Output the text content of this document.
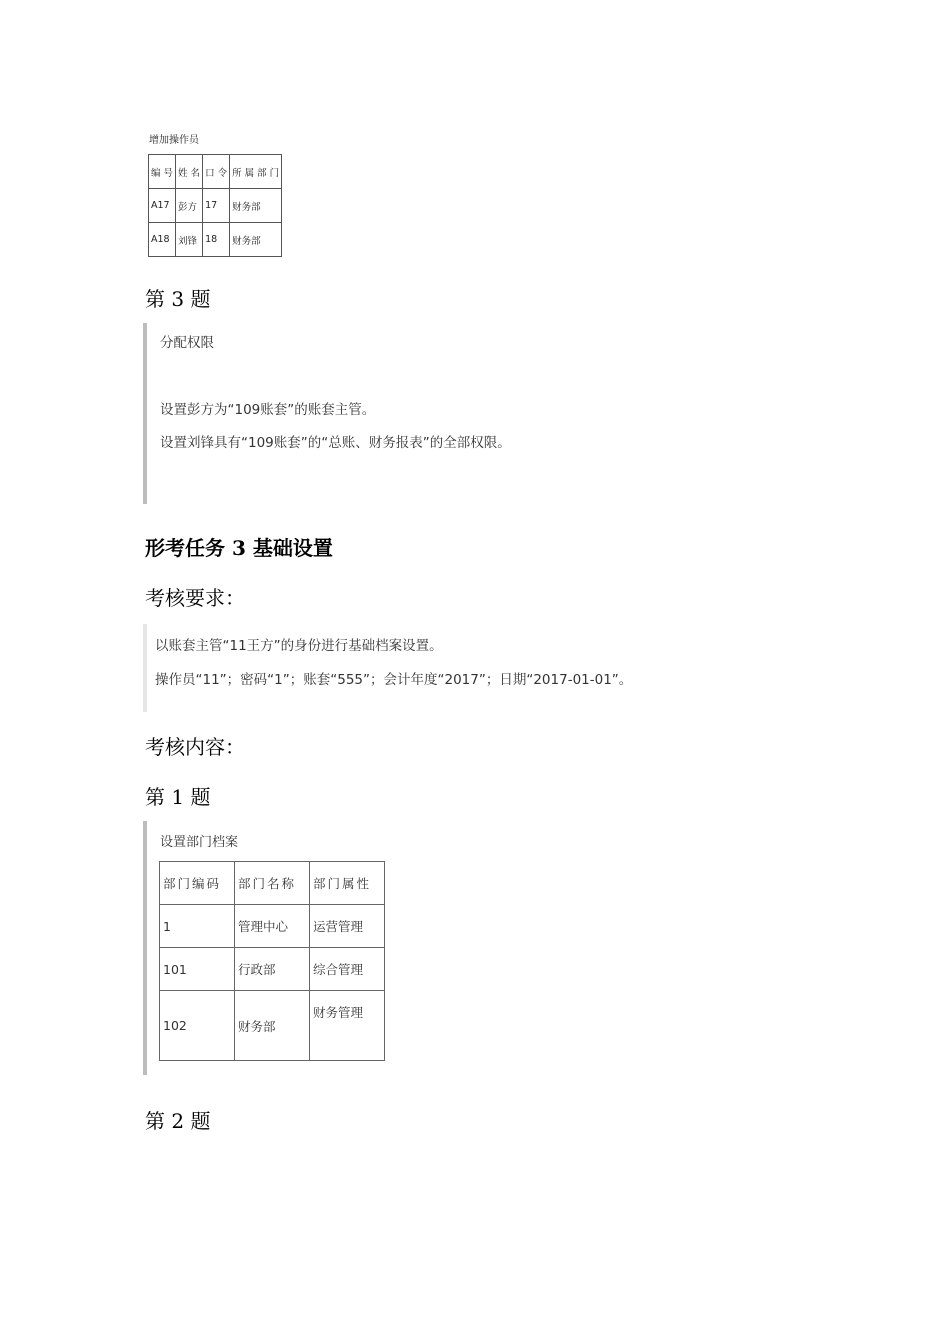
增加操作员
编 号	姓 名	口 令	所 属 部 门
A17	彭方	17	财务部
A18	刘锋	18	财务部
第 3 题
分配权限
设置彭方为“109账套”的账套主管。
设置刘锋具有“109账套”的“总账、财务报表”的全部权限。
形考任务 3 基础设置
考核要求：
以账套主管“11王方”的身份进行基础档案设置。
操作员“11”；密码“1”；账套“555”；会计年度“2017”；日期“2017-01-01”。
考核内容：
第 1 题
设置部门档案
部门编码	部门名称	部门属性
1	管理中心	运营管理
101	行政部	综合管理
102	财务部	财务管理
第 2 题
